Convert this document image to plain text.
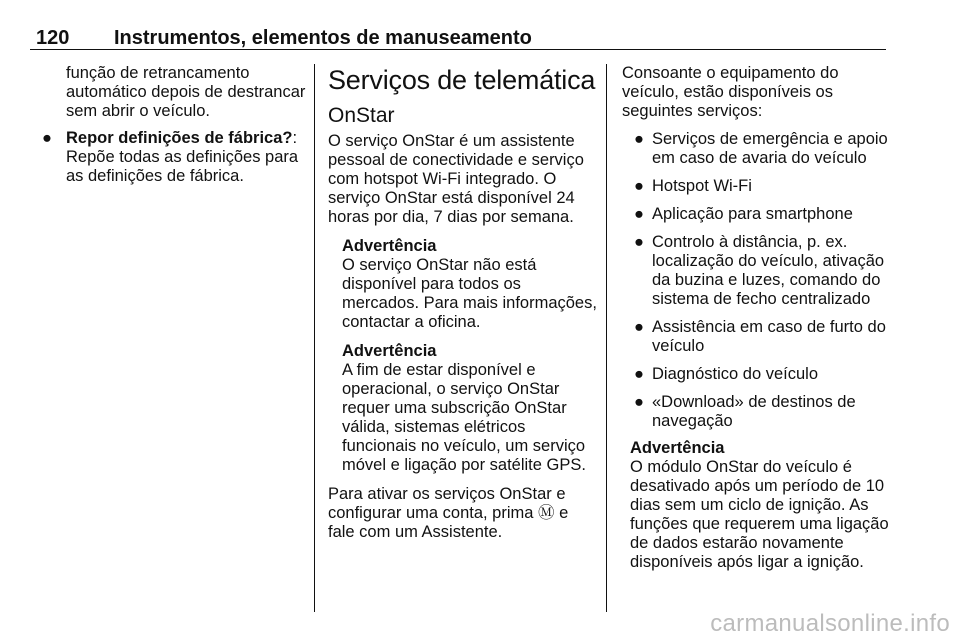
120 Instrumentos, elementos de manuseamento

função de retrancamento automático depois de destrancar sem abrir o veículo.

● Repor definições de fábrica?: Repõe todas as definições para as definições de fábrica.
Serviços de telemática
OnStar

O serviço OnStar é um assistente pessoal de conectividade e serviço com hotspot Wi-Fi integrado. O serviço OnStar está disponível 24 horas por dia, 7 dias por semana.

Advertência
O serviço OnStar não está disponível para todos os mercados. Para mais informações, contactar a oficina.
Advertência
A fim de estar disponível e operacional, o serviço OnStar requer uma subscrição OnStar válida, sistemas elétricos funcionais no veículo, um serviço móvel e ligação por satélite GPS.

Para ativar os serviços OnStar e configurar uma conta, prima Ⓜ e fale com um Assistente.

Consoante o equipamento do veículo, estão disponíveis os seguintes serviços:

● Serviços de emergência e apoio em caso de avaria do veículo
● Hotspot Wi-Fi
● Aplicação para smartphone
● Controlo à distância, p. ex. localização do veículo, ativação da buzina e luzes, comando do sistema de fecho centralizado
● Assistência em caso de furto do veículo
● Diagnóstico do veículo
● «Download» de destinos de navegação
Advertência
O módulo OnStar do veículo é desativado após um período de 10 dias sem um ciclo de ignição. As funções que requerem uma ligação de dados estarão novamente disponíveis após ligar a ignição.
carmanualsonline.info
